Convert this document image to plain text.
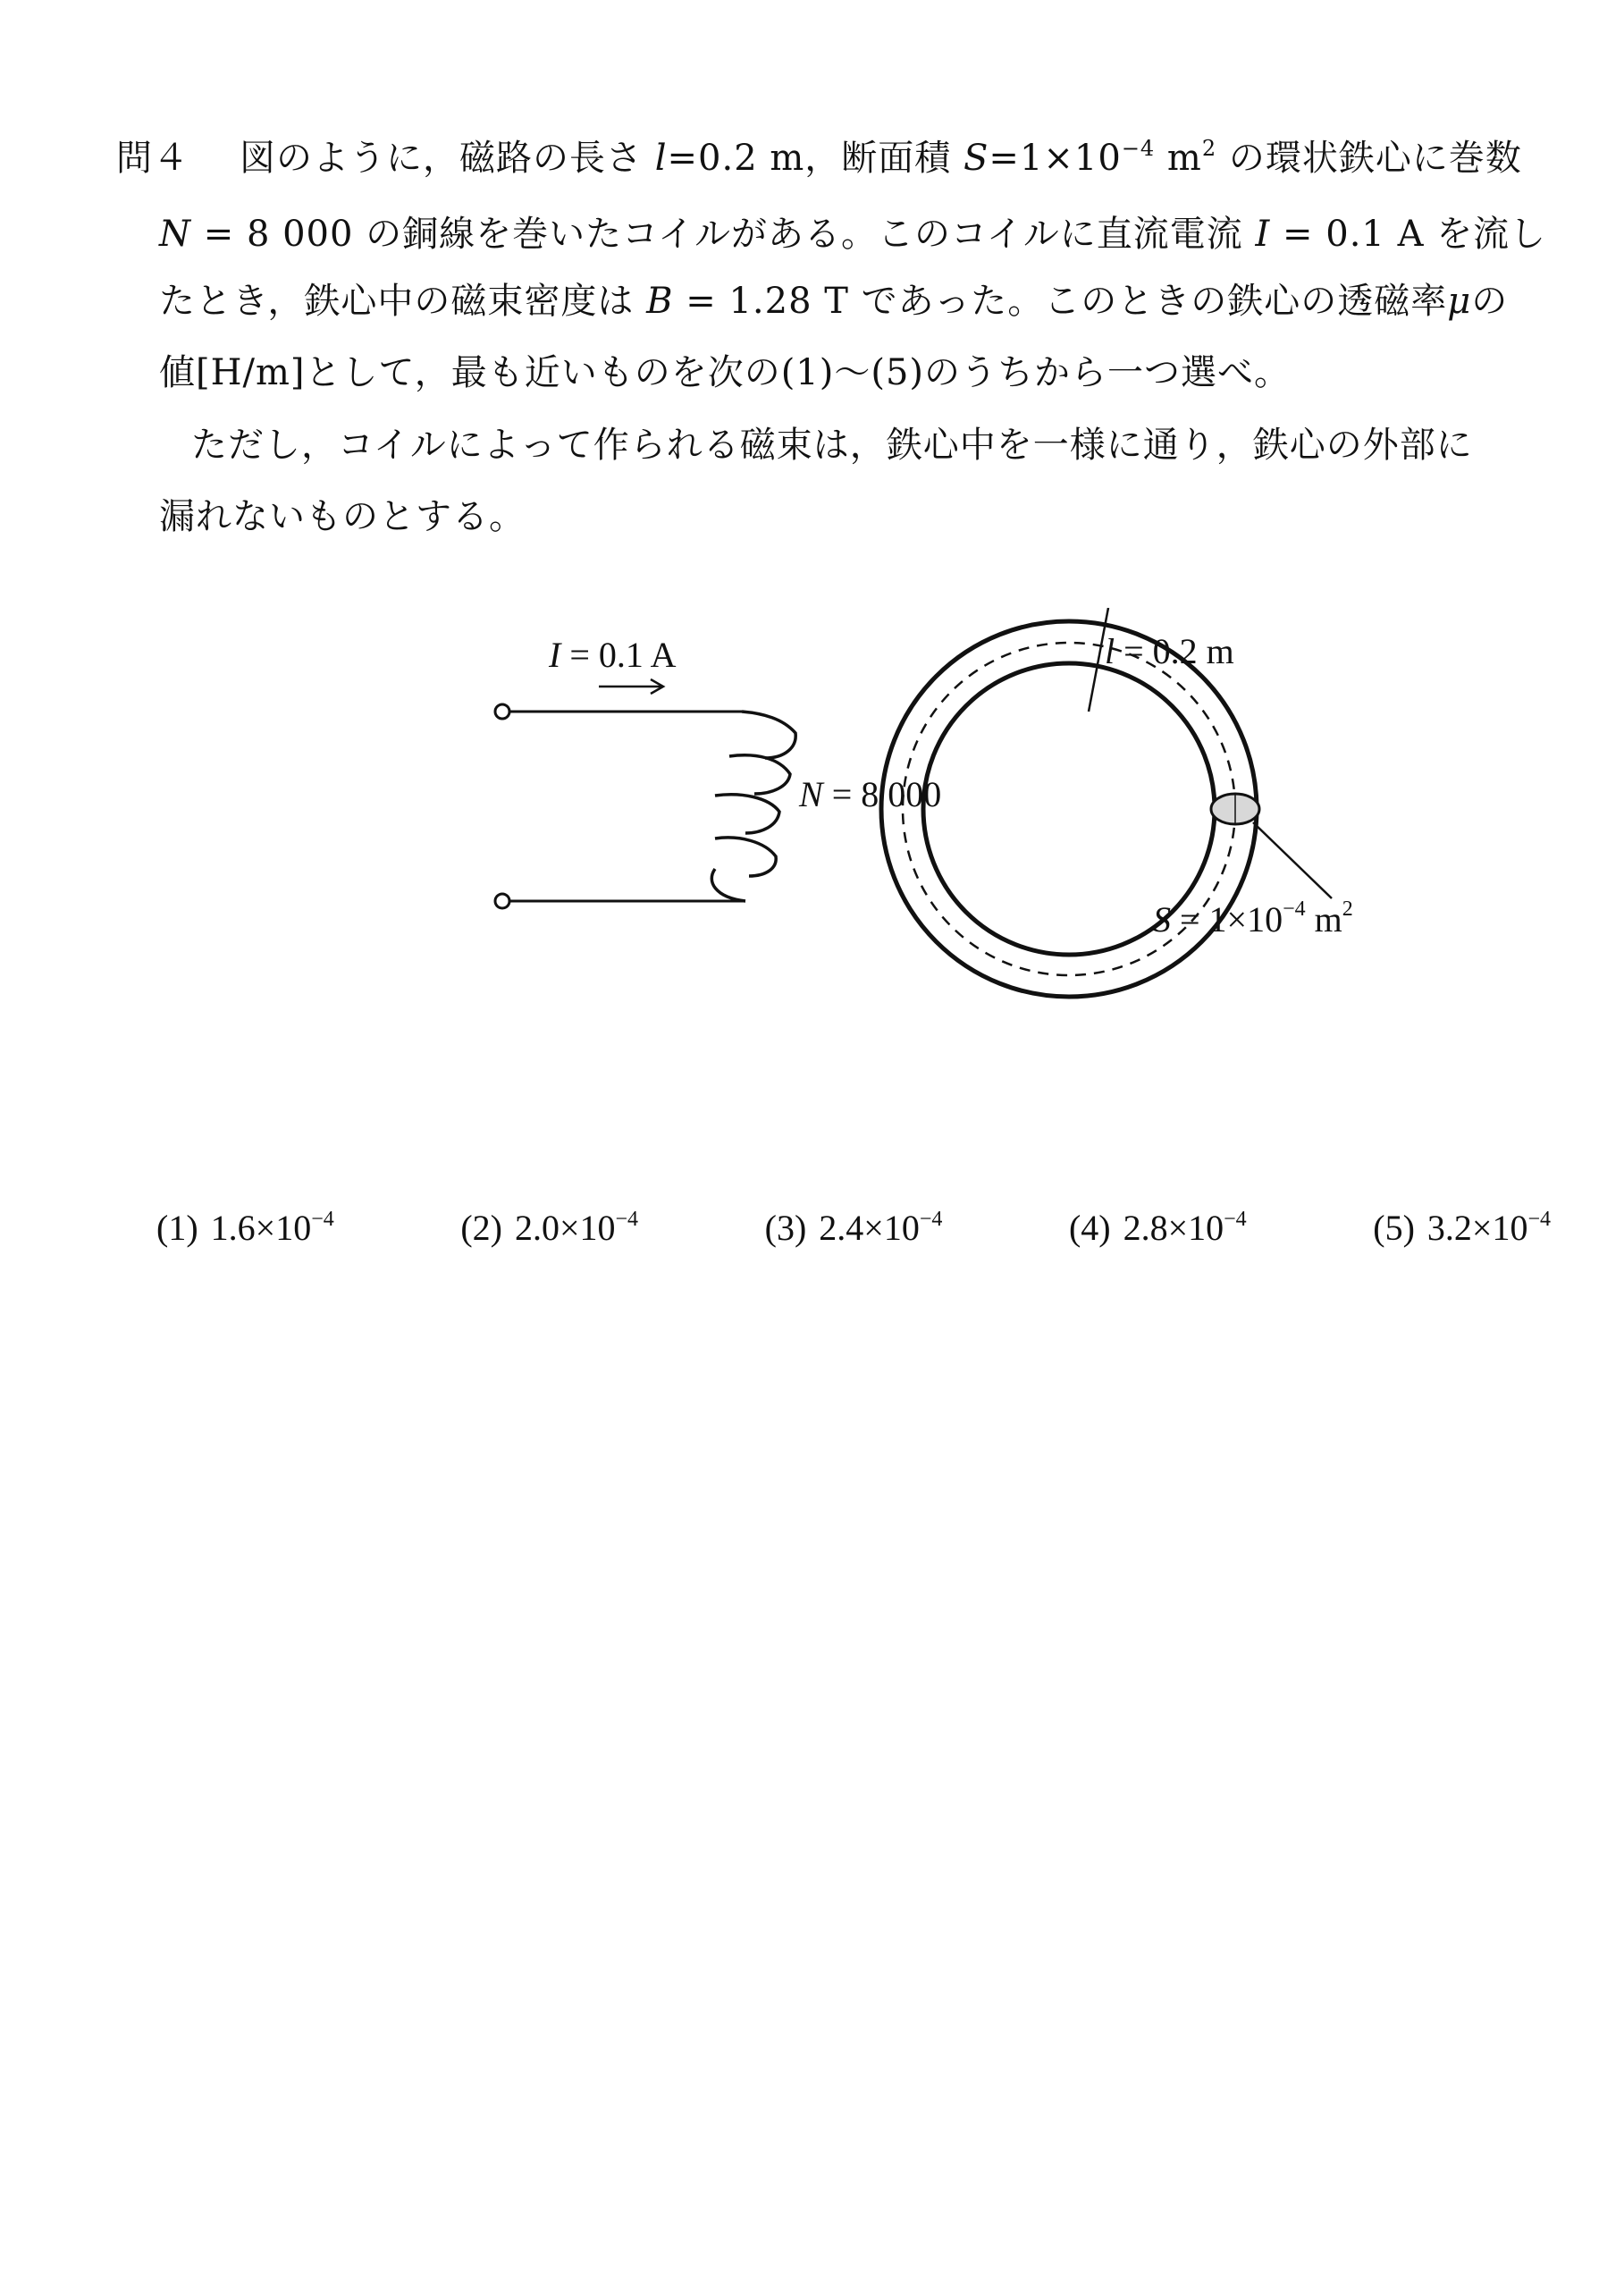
問４ 図のように，磁路の長さ l=0.2 m，断面積 $S=1\times 10^{-4}$ $m^2$ の環状鉄心に巻数
N = 8 000 の銅線を巻いたコイルがある。このコイルに直流電流 I = 0.1 A を流し
たとき，鉄心中の磁束密度は B = 1.28 T であった。このときの鉄心の透磁率μの
値[H/m]として，最も近いものを次の(1)～(5)のうちから一つ選べ。
ただし，コイルによって作られる磁束は，鉄心中を一様に通り，鉄心の外部に
漏れないものとする。
I = 0.1 A	l = 0.2 m
N = 8 000
$S = 1\times 10^{-4}$ $m^2$
(1) $1.6\times 10^{-4}$	(2) $2.0\times 10^{-4}$	(3) $2.4\times 10^{-4}$	(4) $2.8\times 10^{-4}$	(5) $3.2\times 10^{-4}$
